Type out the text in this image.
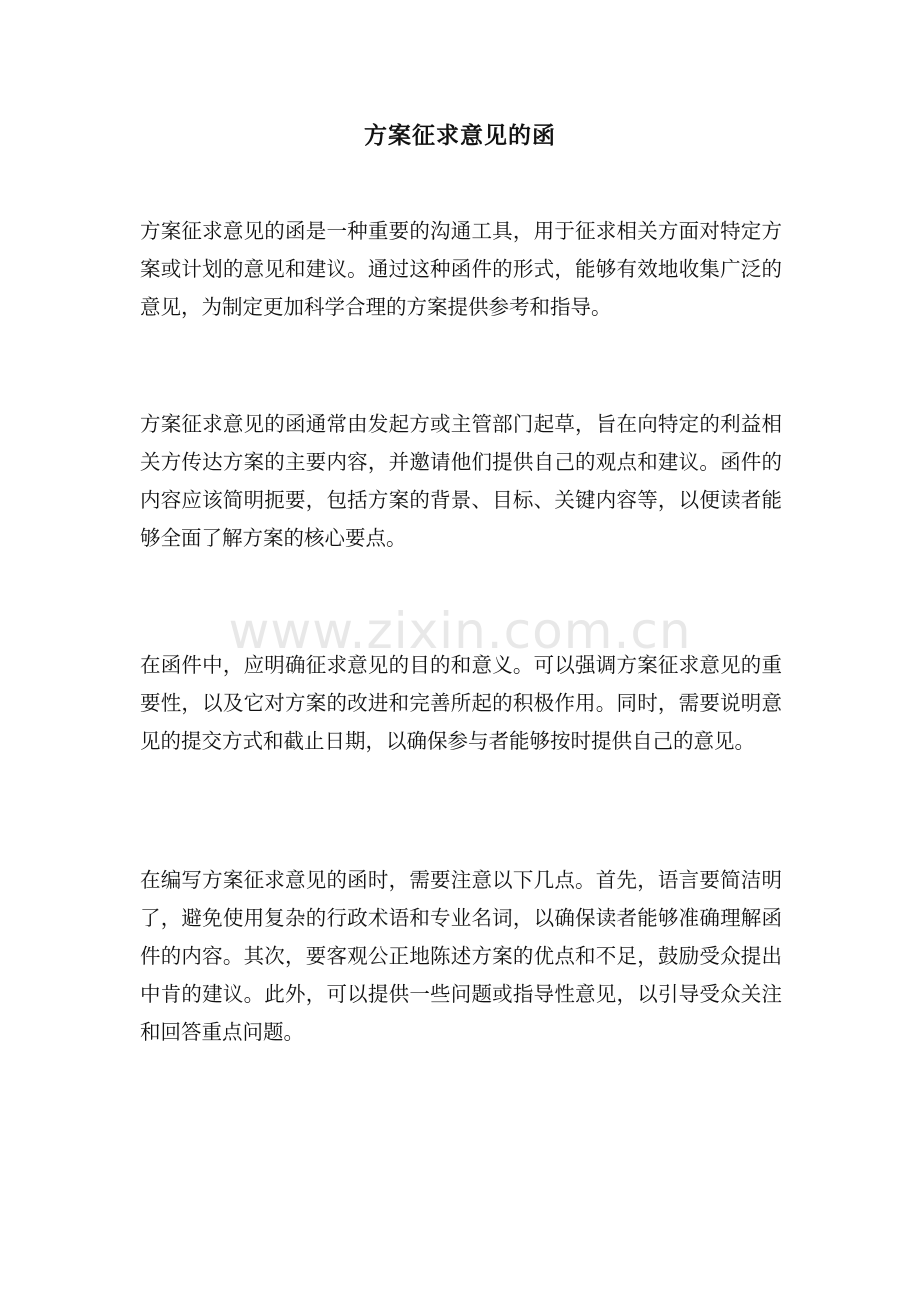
方案征求意见的函

方案征求意见的函是一种重要的沟通工具，用于征求相关方面对特定方案或计划的意见和建议。通过这种函件的形式，能够有效地收集广泛的意见，为制定更加科学合理的方案提供参考和指导。

方案征求意见的函通常由发起方或主管部门起草，旨在向特定的利益相关方传达方案的主要内容，并邀请他们提供自己的观点和建议。函件的内容应该简明扼要，包括方案的背景、目标、关键内容等，以便读者能够全面了解方案的核心要点。

www.zixin.com.cn

在函件中，应明确征求意见的目的和意义。可以强调方案征求意见的重要性，以及它对方案的改进和完善所起的积极作用。同时，需要说明意见的提交方式和截止日期，以确保参与者能够按时提供自己的意见。

在编写方案征求意见的函时，需要注意以下几点。首先，语言要简洁明了，避免使用复杂的行政术语和专业名词，以确保读者能够准确理解函件的内容。其次，要客观公正地陈述方案的优点和不足，鼓励受众提出中肯的建议。此外，可以提供一些问题或指导性意见，以引导受众关注和回答重点问题。
